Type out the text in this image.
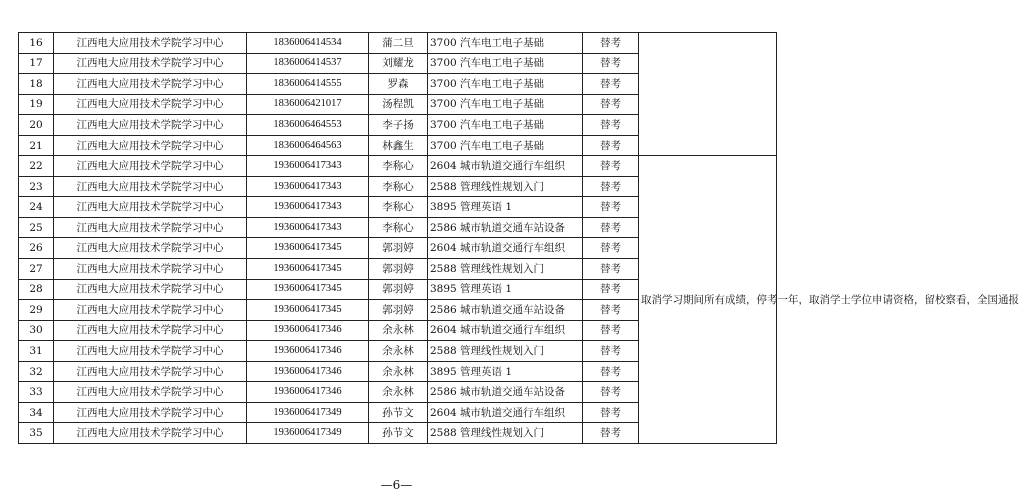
16	江西电大应用技术学院学习中心	1836006414534	蒲二旦	3700 汽车电工电子基础	替考	
17	江西电大应用技术学院学习中心	1836006414537	刘耀龙	3700 汽车电工电子基础	替考	
18	江西电大应用技术学院学习中心	1836006414555	罗森	3700 汽车电工电子基础	替考	
19	江西电大应用技术学院学习中心	1836006421017	汤程凯	3700 汽车电工电子基础	替考	
20	江西电大应用技术学院学习中心	1836006464553	李子扬	3700 汽车电工电子基础	替考	
21	江西电大应用技术学院学习中心	1836006464563	林鑫生	3700 汽车电工电子基础	替考	
22	江西电大应用技术学院学习中心	1936006417343	李称心	2604 城市轨道交通行车组织	替考	取消学习期间所有成绩，停考一年，取消学士学位申请资格，留校察看，全国通报
23	江西电大应用技术学院学习中心	1936006417343	李称心	2588 管理线性规划入门	替考	
24	江西电大应用技术学院学习中心	1936006417343	李称心	3895 管理英语 1	替考	
25	江西电大应用技术学院学习中心	1936006417343	李称心	2586 城市轨道交通车站设备	替考	
26	江西电大应用技术学院学习中心	1936006417345	郭羽婷	2604 城市轨道交通行车组织	替考	
27	江西电大应用技术学院学习中心	1936006417345	郭羽婷	2588 管理线性规划入门	替考	
28	江西电大应用技术学院学习中心	1936006417345	郭羽婷	3895 管理英语 1	替考	
29	江西电大应用技术学院学习中心	1936006417345	郭羽婷	2586 城市轨道交通车站设备	替考	
30	江西电大应用技术学院学习中心	1936006417346	余永林	2604 城市轨道交通行车组织	替考	
31	江西电大应用技术学院学习中心	1936006417346	余永林	2588 管理线性规划入门	替考	
32	江西电大应用技术学院学习中心	1936006417346	余永林	3895 管理英语 1	替考	
33	江西电大应用技术学院学习中心	1936006417346	余永林	2586 城市轨道交通车站设备	替考	
34	江西电大应用技术学院学习中心	1936006417349	孙节文	2604 城市轨道交通行车组织	替考	
35	江西电大应用技术学院学习中心	1936006417349	孙节文	2588 管理线性规划入门	替考	
—6—
